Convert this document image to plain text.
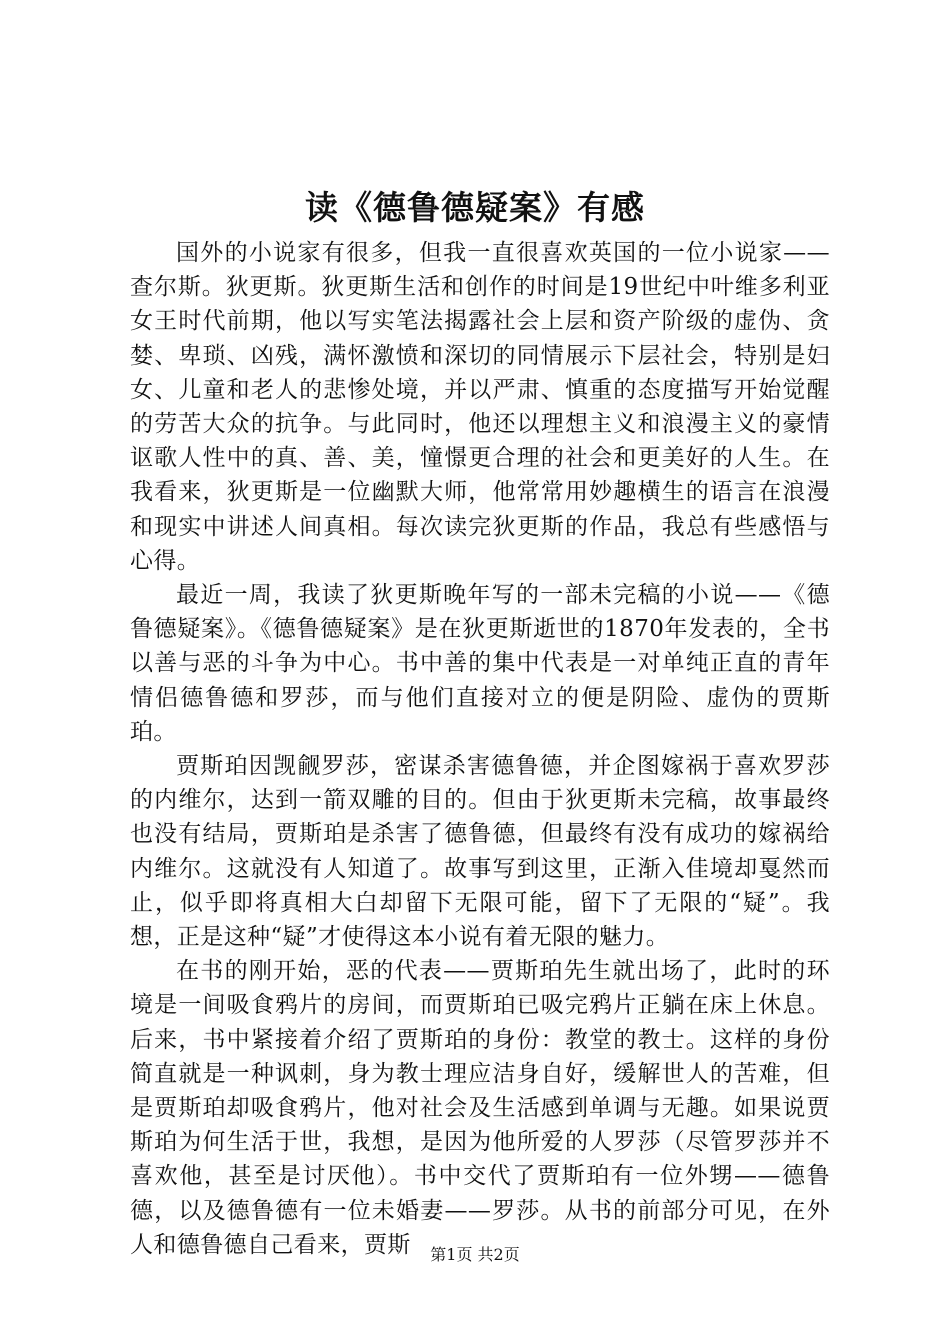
读《德鲁德疑案》有感

国外的小说家有很多，但我一直很喜欢英国的一位小说家——查尔斯。狄更斯。狄更斯生活和创作的时间是19世纪中叶维多利亚女王时代前期，他以写实笔法揭露社会上层和资产阶级的虚伪、贪婪、卑琐、凶残，满怀激愤和深切的同情展示下层社会，特别是妇女、儿童和老人的悲惨处境，并以严肃、慎重的态度描写开始觉醒的劳苦大众的抗争。与此同时，他还以理想主义和浪漫主义的豪情讴歌人性中的真、善、美，憧憬更合理的社会和更美好的人生。在我看来，狄更斯是一位幽默大师，他常常用妙趣横生的语言在浪漫和现实中讲述人间真相。每次读完狄更斯的作品，我总有些感悟与心得。

最近一周，我读了狄更斯晚年写的一部未完稿的小说——《德鲁德疑案》。《德鲁德疑案》是在狄更斯逝世的1870年发表的，全书以善与恶的斗争为中心。书中善的集中代表是一对单纯正直的青年情侣德鲁德和罗莎，而与他们直接对立的便是阴险、虚伪的贾斯珀。

贾斯珀因觊觎罗莎，密谋杀害德鲁德，并企图嫁祸于喜欢罗莎的内维尔，达到一箭双雕的目的。但由于狄更斯未完稿，故事最终也没有结局，贾斯珀是杀害了德鲁德，但最终有没有成功的嫁祸给内维尔。这就没有人知道了。故事写到这里，正渐入佳境却戛然而止，似乎即将真相大白却留下无限可能，留下了无限的“疑”。我想，正是这种“疑”才使得这本小说有着无限的魅力。

在书的刚开始，恶的代表——贾斯珀先生就出场了，此时的环境是一间吸食鸦片的房间，而贾斯珀已吸完鸦片正躺在床上休息。后来，书中紧接着介绍了贾斯珀的身份：教堂的教士。这样的身份简直就是一种讽刺，身为教士理应洁身自好，缓解世人的苦难，但是贾斯珀却吸食鸦片，他对社会及生活感到单调与无趣。如果说贾斯珀为何生活于世，我想，是因为他所爱的人罗莎（尽管罗莎并不喜欢他，甚至是讨厌他）。书中交代了贾斯珀有一位外甥——德鲁德，以及德鲁德有一位未婚妻——罗莎。从书的前部分可见，在外人和德鲁德自己看来，贾斯	第1页 共2页
